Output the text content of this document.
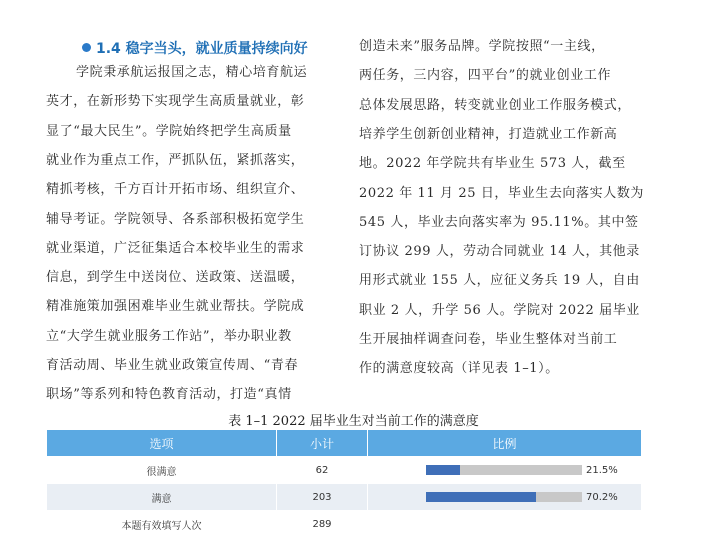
1.4 稳字当头，就业质量持续向好
学院秉承航运报国之志，精心培育航运
英才，在新形势下实现学生高质量就业，彰
显了“最大民生”。学院始终把学生高质量
就业作为重点工作，严抓队伍，紧抓落实，
精抓考核，千方百计开拓市场、组织宣介、
辅导考证。学院领导、各系部积极拓宽学生
就业渠道，广泛征集适合本校毕业生的需求
信息，到学生中送岗位、送政策、送温暖，
精准施策加强困难毕业生就业帮扶。学院成
立“大学生就业服务工作站”，举办职业教
育活动周、毕业生就业政策宣传周、“青春
职场”等系列和特色教育活动，打造“真情
创造未来”服务品牌。学院按照“一主线，
两任务，三内容，四平台”的就业创业工作
总体发展思路，转变就业创业工作服务模式，
培养学生创新创业精神，打造就业工作新高
地。2022 年学院共有毕业生 573 人，截至
2022 年 11 月 25 日，毕业生去向落实人数为
545 人，毕业去向落实率为 95.11%。其中签
订协议 299 人，劳动合同就业 14 人，其他录
用形式就业 155 人，应征义务兵 19 人，自由
职业 2 人，升学 56 人。学院对 2022 届毕业
生开展抽样调查问卷，毕业生整体对当前工
作的满意度较高（详见表 1–1）。
表 1–1 2022 届毕业生对当前工作的满意度
选项	小计	比例
很满意	62	21.5%

满意	203	70.2%

本题有效填写人次	289	
